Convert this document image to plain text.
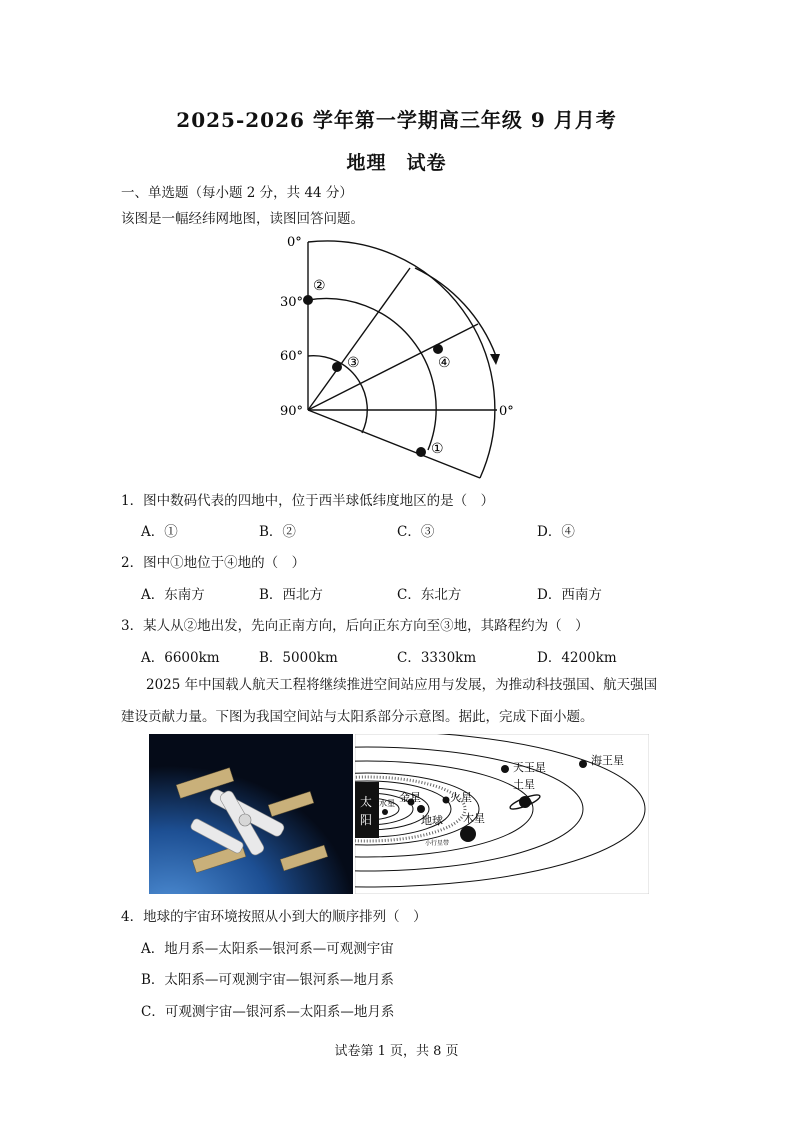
2025-2026 学年第一学期高三年级 9 月月考
地理　试卷
一、单选题（每小题 2 分，共 44 分）
该图是一幅经纬网地图，读图回答问题。
②
③	④
①
0°
30°
60°
90°	0°
1．图中数码代表的四地中，位于西半球低纬度地区的是（　）
A．①	B．②	C．③	D．④
2．图中①地位于④地的（　）
A．东南方	B．西北方	C．东北方	D．西南方
3．某人从②地出发，先向正南方向，后向正东方向至③地，其路程约为（　）
A．6600km	B．5000km	C．3330km	D．4200km
2025 年中国载人航天工程将继续推进空间站应用与发展，为推动科技强国、航天强国
建设贡献力量。下图为我国空间站与太阳系部分示意图。据此，完成下面小题。
太
阳
水星 金星
地球
火星
木星
土星
天王星
海王星
小行星带
4．地球的宇宙环境按照从小到大的顺序排列（　）
A．地月系—太阳系—银河系—可观测宇宙
B．太阳系—可观测宇宙—银河系—地月系
C．可观测宇宙—银河系—太阳系—地月系
试卷第 1 页，共 8 页
